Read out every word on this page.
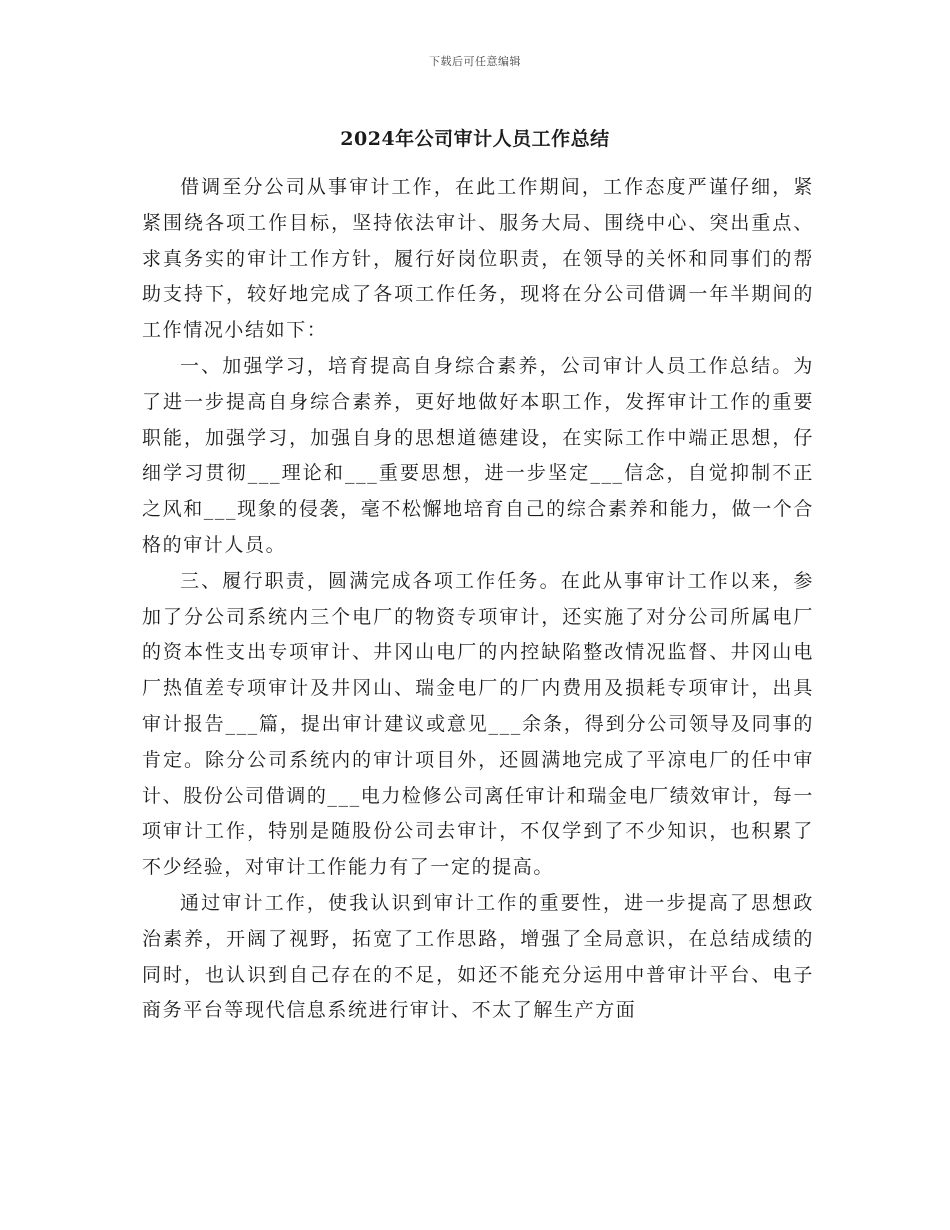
下载后可任意编辑
2024年公司审计人员工作总结

借调至分公司从事审计工作，在此工作期间，工作态度严谨仔细，紧紧围绕各项工作目标，坚持依法审计、服务大局、围绕中心、突出重点、求真务实的审计工作方针，履行好岗位职责，在领导的关怀和同事们的帮助支持下，较好地完成了各项工作任务，现将在分公司借调一年半期间的工作情况小结如下：

一、加强学习，培育提高自身综合素养，公司审计人员工作总结。为了进一步提高自身综合素养，更好地做好本职工作，发挥审计工作的重要职能，加强学习，加强自身的思想道德建设，在实际工作中端正思想，仔细学习贯彻___理论和___重要思想，进一步坚定___信念，自觉抑制不正之风和___现象的侵袭，毫不松懈地培育自己的综合素养和能力，做一个合格的审计人员。

三、履行职责，圆满完成各项工作任务。在此从事审计工作以来，参加了分公司系统内三个电厂的物资专项审计，还实施了对分公司所属电厂的资本性支出专项审计、井冈山电厂的内控缺陷整改情况监督、井冈山电厂热值差专项审计及井冈山、瑞金电厂的厂内费用及损耗专项审计，出具审计报告___篇，提出审计建议或意见___余条，得到分公司领导及同事的肯定。除分公司系统内的审计项目外，还圆满地完成了平凉电厂的任中审计、股份公司借调的___电力检修公司离任审计和瑞金电厂绩效审计，每一项审计工作，特别是随股份公司去审计，不仅学到了不少知识，也积累了不少经验，对审计工作能力有了一定的提高。

通过审计工作，使我认识到审计工作的重要性，进一步提高了思想政治素养，开阔了视野，拓宽了工作思路，增强了全局意识，在总结成绩的同时，也认识到自己存在的不足，如还不能充分运用中普审计平台、电子商务平台等现代信息系统进行审计、不太了解生产方面
